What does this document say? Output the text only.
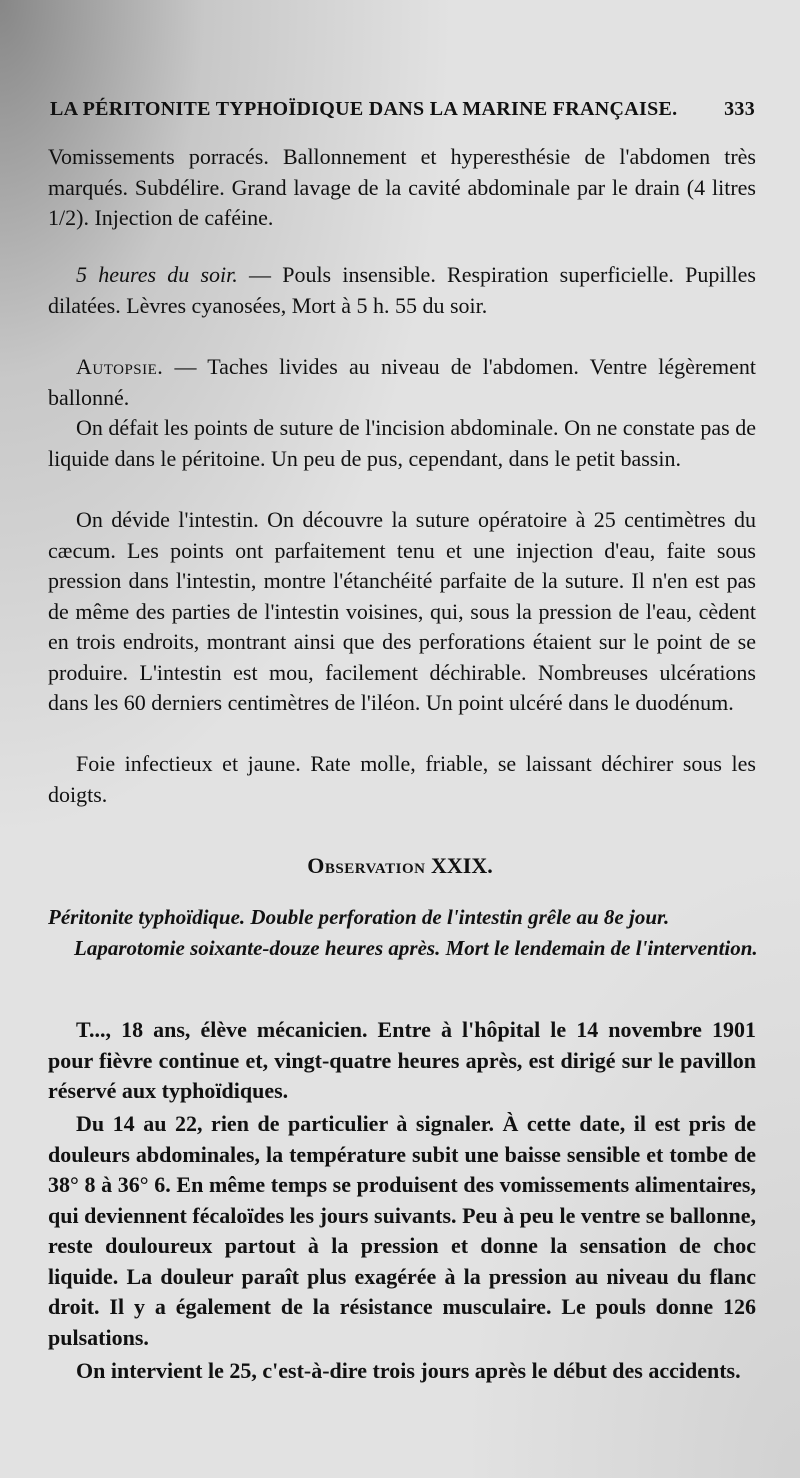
LA PÉRITONITE TYPHOÏDIQUE DANS LA MARINE FRANÇAISE. 333

Vomissements porracés. Ballonnement et hyperesthésie de l'abdomen très marqués. Subdélire. Grand lavage de la cavité abdominale par le drain (4 litres 1/2). Injection de caféine.

5 heures du soir. — Pouls insensible. Respiration superficielle. Pupilles dilatées. Lèvres cyanosées, Mort à 5 h. 55 du soir.

Autopsie. — Taches livides au niveau de l'abdomen. Ventre légèrement ballonné.

On défait les points de suture de l'incision abdominale. On ne constate pas de liquide dans le péritoine. Un peu de pus, cependant, dans le petit bassin.

On dévide l'intestin. On découvre la suture opératoire à 25 centimètres du cæcum. Les points ont parfaitement tenu et une injection d'eau, faite sous pression dans l'intestin, montre l'étanchéité parfaite de la suture. Il n'en est pas de même des parties de l'intestin voisines, qui, sous la pression de l'eau, cèdent en trois endroits, montrant ainsi que des perforations étaient sur le point de se produire. L'intestin est mou, facilement déchirable. Nombreuses ulcérations dans les 60 derniers centimètres de l'iléon. Un point ulcéré dans le duodénum.

Foie infectieux et jaune. Rate molle, friable, se laissant déchirer sous les doigts.

Observation XXIX.
Péritonite typhoïdique. Double perforation de l'intestin grêle au 8e jour.
Laparotomie soixante-douze heures après. Mort le lendemain de l'intervention.

T..., 18 ans, élève mécanicien. Entre à l'hôpital le 14 novembre 1901 pour fièvre continue et, vingt-quatre heures après, est dirigé sur le pavillon réservé aux typhoïdiques.

Du 14 au 22, rien de particulier à signaler. À cette date, il est pris de douleurs abdominales, la température subit une baisse sensible et tombe de 38° 8 à 36° 6. En même temps se produisent des vomissements alimentaires, qui deviennent fécaloïdes les jours suivants. Peu à peu le ventre se ballonne, reste douloureux partout à la pression et donne la sensation de choc liquide. La douleur paraît plus exagérée à la pression au niveau du flanc droit. Il y a également de la résistance musculaire. Le pouls donne 126 pulsations.

On intervient le 25, c'est-à-dire trois jours après le début des accidents.
